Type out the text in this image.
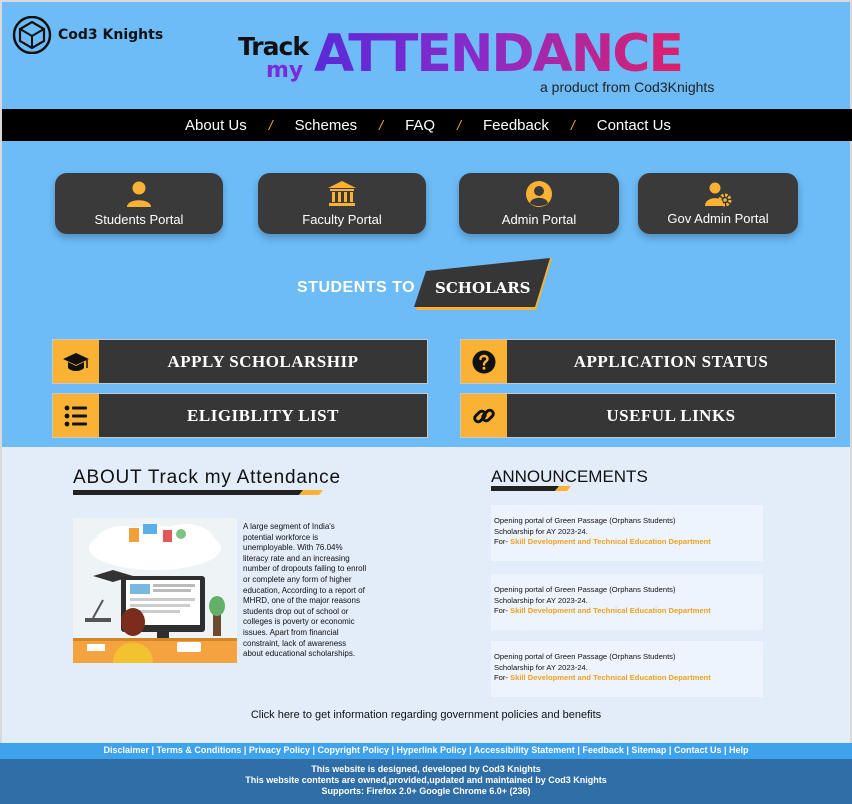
Cod3 Knights	Track
my ATTENDANCE
a product from Cod3Knights
About Us / Schemes / FAQ / Feedback / Contact Us
Students Portal	Faculty Portal	Admin Portal	Gov Admin Portal
STUDENTS TO SCHOLARS
APPLY SCHOLARSHIP	APPLICATION STATUS
ELIGIBLITY LIST	USEFUL LINKS
ABOUT Track my Attendance
A large segment of India's potential workforce is unemployable. With 76.04% literacy rate and an increasing number of dropouts failing to enroll or complete any form of higher education, According to a report of MHRD, one of the major reasons students drop out of school or colleges is poverty or economic issues. Apart from financial constraint, lack of awareness about educational scholarships.
ANNOUNCEMENTS
Opening portal of Green Passage (Orphans Students)
Scholarship for AY 2023-24.
For- Skill Development and Technical Education Department
Opening portal of Green Passage (Orphans Students)
Scholarship for AY 2023-24.
For- Skill Development and Technical Education Department
Opening portal of Green Passage (Orphans Students)
Scholarship for AY 2023-24.
For- Skill Development and Technical Education Department
Click here to get information regarding government policies and benefits
Disclaimer | Terms & Conditions | Privacy Policy | Copyright Policy | Hyperlink Policy | Accessibility Statement | Feedback | Sitemap | Contact Us | Help
This website is designed, developed by Cod3 Knights
This website contents are owned,provided,updated and maintained by Cod3 Knights
Supports: Firefox 2.0+ Google Chrome 6.0+ (236)
